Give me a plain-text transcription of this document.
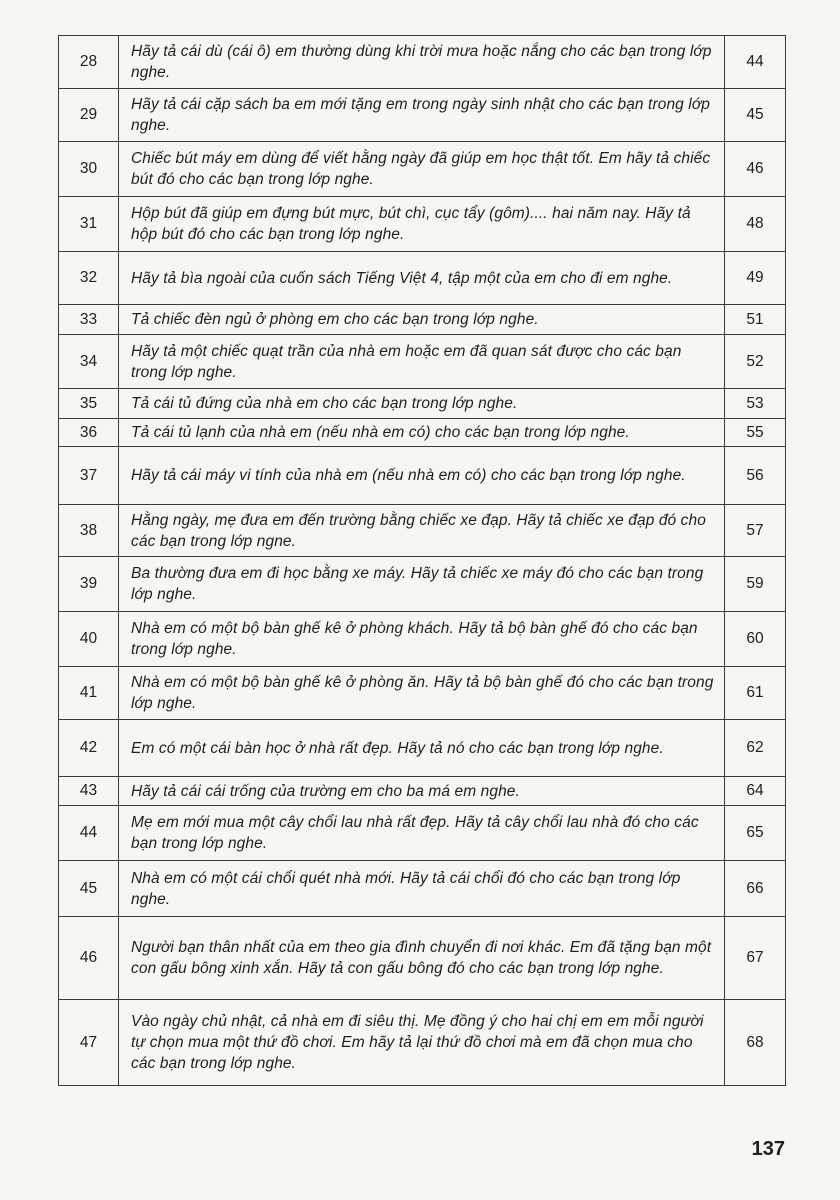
28	Hãy tả cái dù (cái ô) em thường dùng khi trời mưa hoặc nắng cho các bạn trong lớp nghe.	44
29	Hãy tả cái cặp sách ba em mới tặng em trong ngày sinh nhật cho các bạn trong lớp nghe.	45
30	Chiếc bút máy em dùng để viết hằng ngày đã giúp em học thật tốt. Em hãy tả chiếc bút đó cho các bạn trong lớp nghe.	46
31	Hộp bút đã giúp em đựng bút mực, bút chì, cục tẩy (gôm).... hai năm nay. Hãy tả hộp bút đó cho các bạn trong lớp nghe.	48
32	Hãy tả bìa ngoài của cuốn sách Tiếng Việt 4, tập một của em cho đi em nghe.	49
33	Tả chiếc đèn ngủ ở phòng em cho các bạn trong lớp nghe.	51
34	Hãy tả một chiếc quạt trần của nhà em hoặc em đã quan sát được cho các bạn trong lớp nghe.	52
35	Tả cái tủ đứng của nhà em cho các bạn trong lớp nghe.	53
36	Tả cái tủ lạnh của nhà em (nếu nhà em có) cho các bạn trong lớp nghe.	55
37	Hãy tả cái máy vi tính của nhà em (nếu nhà em có) cho các bạn trong lớp nghe.	56
38	Hằng ngày, mẹ đưa em đến trường bằng chiếc xe đạp. Hãy tả chiếc xe đạp đó cho các bạn trong lớp ngne.	57
39	Ba thường đưa em đi học bằng xe máy. Hãy tả chiếc xe máy đó cho các bạn trong lớp nghe.	59
40	Nhà em có một bộ bàn ghế kê ở phòng khách. Hãy tả bộ bàn ghế đó cho các bạn trong lớp nghe.	60
41	Nhà em có một bộ bàn ghế kê ở phòng ăn. Hãy tả bộ bàn ghế đó cho các bạn trong lớp nghe.	61
42	Em có một cái bàn học ở nhà rất đẹp. Hãy tả nó cho các bạn trong lớp nghe.	62
43	Hãy tả cái cái trống của trường em cho ba má em nghe.	64
44	Mẹ em mới mua một cây chổi lau nhà rất đẹp. Hãy tả cây chổi lau nhà đó cho các bạn trong lớp nghe.	65
45	Nhà em có một cái chổi quét nhà mới. Hãy tả cái chổi đó cho các bạn trong lớp nghe.	66
46	Người bạn thân nhất của em theo gia đình chuyển đi nơi khác. Em đã tặng bạn một con gấu bông xinh xắn. Hãy tả con gấu bông đó cho các bạn trong lớp nghe.	67
47	Vào ngày chủ nhật, cả nhà em đi siêu thị. Mẹ đồng ý cho hai chị em em mỗi người tự chọn mua một thứ đồ chơi. Em hãy tả lại thứ đồ chơi mà em đã chọn mua cho các bạn trong lớp nghe.	68
137
